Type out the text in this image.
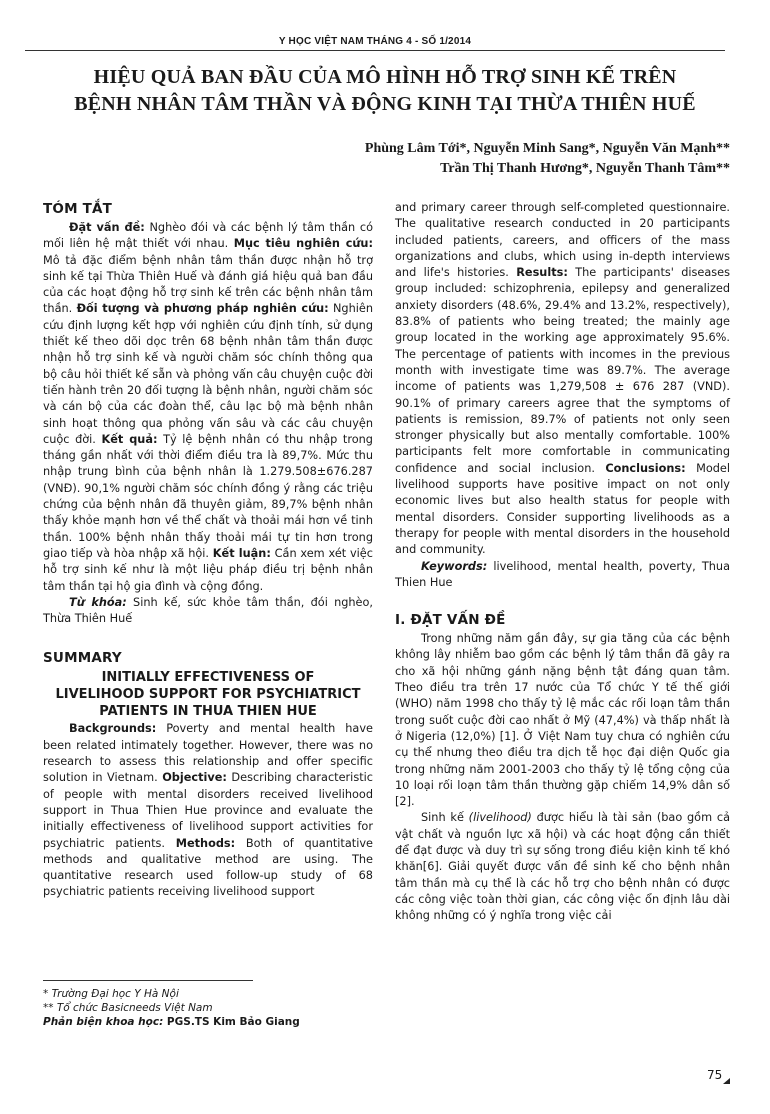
Y HỌC VIỆT NAM THÁNG 4 - SỐ 1/2014
HIỆU QUẢ BAN ĐẦU CỦA MÔ HÌNH HỖ TRỢ SINH KẾ TRÊN
BỆNH NHÂN TÂM THẦN VÀ ĐỘNG KINH TẠI THỪA THIÊN HUẾ
Phùng Lâm Tới*, Nguyễn Minh Sang*, Nguyễn Văn Mạnh**
Trần Thị Thanh Hương*, Nguyễn Thanh Tâm**
TÓM TẮT

Đặt vấn đề: Nghèo đói và các bệnh lý tâm thần có mối liên hệ mật thiết với nhau. Mục tiêu nghiên cứu: Mô tả đặc điểm bệnh nhân tâm thần được nhận hỗ trợ sinh kế tại Thừa Thiên Huế và đánh giá hiệu quả ban đầu của các hoạt động hỗ trợ sinh kế trên các bệnh nhân tâm thần. Đối tượng và phương pháp nghiên cứu: Nghiên cứu định lượng kết hợp với nghiên cứu định tính, sử dụng thiết kế theo dõi dọc trên 68 bệnh nhân tâm thần được nhận hỗ trợ sinh kế và người chăm sóc chính thông qua bộ câu hỏi thiết kế sẵn và phỏng vấn câu chuyện cuộc đời tiến hành trên 20 đối tượng là bệnh nhân, người chăm sóc và cán bộ của các đoàn thể, câu lạc bộ mà bệnh nhân sinh hoạt thông qua phỏng vấn sâu và các câu chuyện cuộc đời. Kết quả: Tỷ lệ bệnh nhân có thu nhập trong tháng gần nhất với thời điểm điều tra là 89,7%. Mức thu nhập trung bình của bệnh nhân là 1.279.508±676.287 (VNĐ). 90,1% người chăm sóc chính đồng ý rằng các triệu chứng của bệnh nhân đã thuyên giảm, 89,7% bệnh nhân thấy khỏe mạnh hơn về thể chất và thoải mái hơn về tinh thần. 100% bệnh nhân thấy thoải mái tự tin hơn trong giao tiếp và hòa nhập xã hội. Kết luận: Cần xem xét việc hỗ trợ sinh kế như là một liệu pháp điều trị bệnh nhân tâm thần tại hộ gia đình và cộng đồng.

Từ khóa: Sinh kế, sức khỏe tâm thần, đói nghèo, Thừa Thiên Huế

SUMMARY
INITIALLY EFFECTIVENESS OF
LIVELIHOOD SUPPORT FOR PSYCHIATRICT
PATIENTS IN THUA THIEN HUE

Backgrounds: Poverty and mental health have been related intimately together. However, there was no research to assess this relationship and offer specific solution in Vietnam. Objective: Describing characteristic of people with mental disorders received livelihood support in Thua Thien Hue province and evaluate the initially effectiveness of livelihood support activities for psychiatric patients. Methods: Both of quantitative methods and qualitative method are using. The quantitative research used follow-up study of 68 psychiatric patients receiving livelihood support

* Trường Đại học Y Hà Nội
** Tổ chức Basicneeds Việt Nam
Phản biện khoa học: PGS.TS Kim Bảo Giang

and primary career through self-completed questionnaire. The qualitative research conducted in 20 participants included patients, careers, and officers of the mass organizations and clubs, which using in-depth interviews and life's histories. Results: The participants' diseases group included: schizophrenia, epilepsy and generalized anxiety disorders (48.6%, 29.4% and 13.2%, respectively), 83.8% of patients who being treated; the mainly age group located in the working age approximately 95.6%. The percentage of patients with incomes in the previous month with investigate time was 89.7%. The average income of patients was 1,279,508 ± 676 287 (VND). 90.1% of primary careers agree that the symptoms of patients is remission, 89.7% of patients not only seen stronger physically but also mentally comfortable. 100% participants felt more comfortable in communicating confidence and social inclusion. Conclusions: Model livelihood supports have positive impact on not only economic lives but also health status for people with mental disorders. Consider supporting livelihoods as a therapy for people with mental disorders in the household and community.

Keywords: livelihood, mental health, poverty, Thua Thien Hue

I. ĐẶT VẤN ĐỀ

Trong những năm gần đây, sự gia tăng của các bệnh không lây nhiễm bao gồm các bệnh lý tâm thần đã gây ra cho xã hội những gánh nặng bệnh tật đáng quan tâm. Theo điều tra trên 17 nước của Tổ chức Y tế thế giới (WHO) năm 1998 cho thấy tỷ lệ mắc các rối loạn tâm thần trong suốt cuộc đời cao nhất ở Mỹ (47,4%) và thấp nhất là ở Nigeria (12,0%) [1]. Ở Việt Nam tuy chưa có nghiên cứu cụ thể nhưng theo điều tra dịch tễ học đại diện Quốc gia trong những năm 2001-2003 cho thấy tỷ lệ tổng cộng của 10 loại rối loạn tâm thần thường gặp chiếm 14,9% dân số [2].

Sinh kế (livelihood) được hiểu là tài sản (bao gồm cả vật chất và nguồn lực xã hội) và các hoạt động cần thiết để đạt được và duy trì sự sống trong điều kiện kinh tế khó khăn[6]. Giải quyết được vấn đề sinh kế cho bệnh nhân tâm thần mà cụ thể là các hỗ trợ cho bệnh nhân có được các công việc toàn thời gian, các công việc ổn định lâu dài không những có ý nghĩa trong việc cải

75
